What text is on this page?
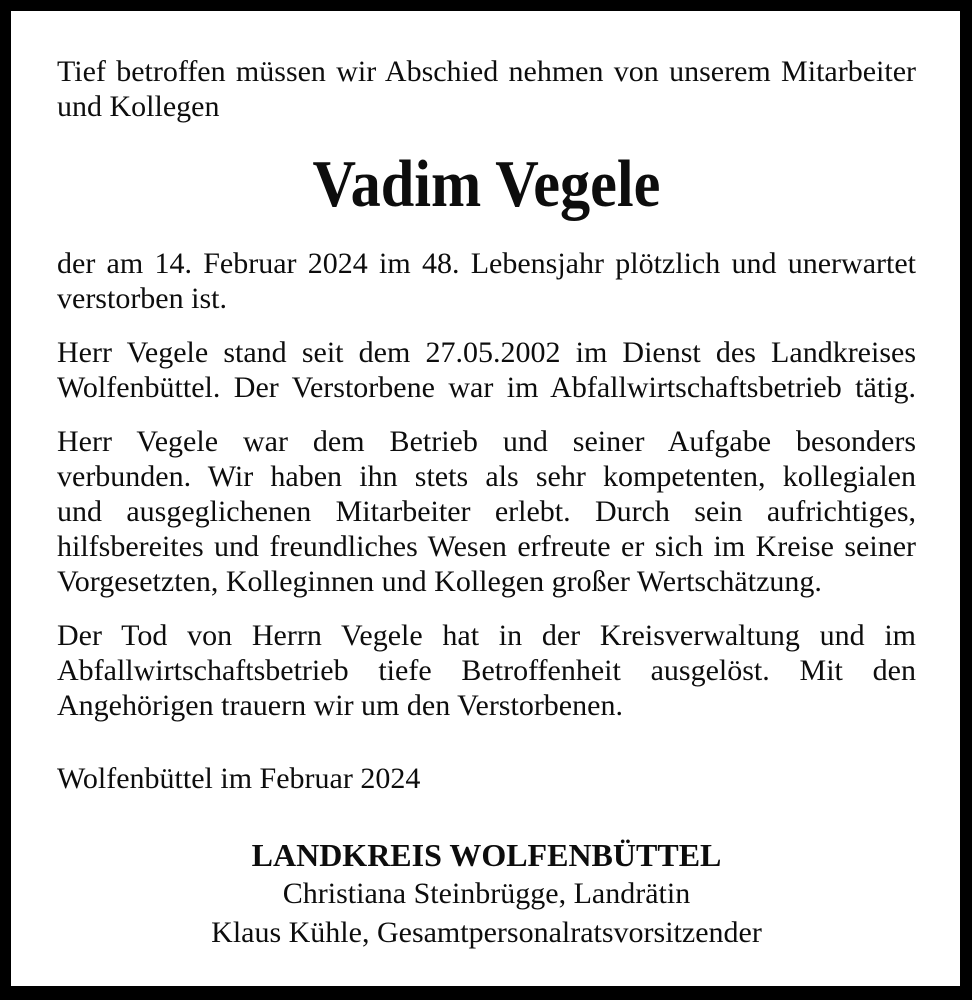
Tief betroffen müssen wir Abschied nehmen von unserem Mitarbeiter
und Kollegen
Vadim Vegele
der am 14. Februar 2024 im 48. Lebensjahr plötzlich und unerwartet
verstorben ist.
Herr Vegele stand seit dem 27.05.2002 im Dienst des Landkreises
Wolfenbüttel. Der Verstorbene war im Abfallwirtschaftsbetrieb tätig.
Herr Vegele war dem Betrieb und seiner Aufgabe besonders
verbunden. Wir haben ihn stets als sehr kompetenten, kollegialen
und ausgeglichenen Mitarbeiter erlebt. Durch sein aufrichtiges,
hilfsbereites und freundliches Wesen erfreute er sich im Kreise seiner
Vorgesetzten, Kolleginnen und Kollegen großer Wertschätzung.
Der Tod von Herrn Vegele hat in der Kreisverwaltung und im
Abfallwirtschaftsbetrieb tiefe Betroffenheit ausgelöst. Mit den
Angehörigen trauern wir um den Verstorbenen.
Wolfenbüttel im Februar 2024
LANDKREIS WOLFENBÜTTEL
Christiana Steinbrügge, Landrätin
Klaus Kühle, Gesamtpersonalratsvorsitzender
